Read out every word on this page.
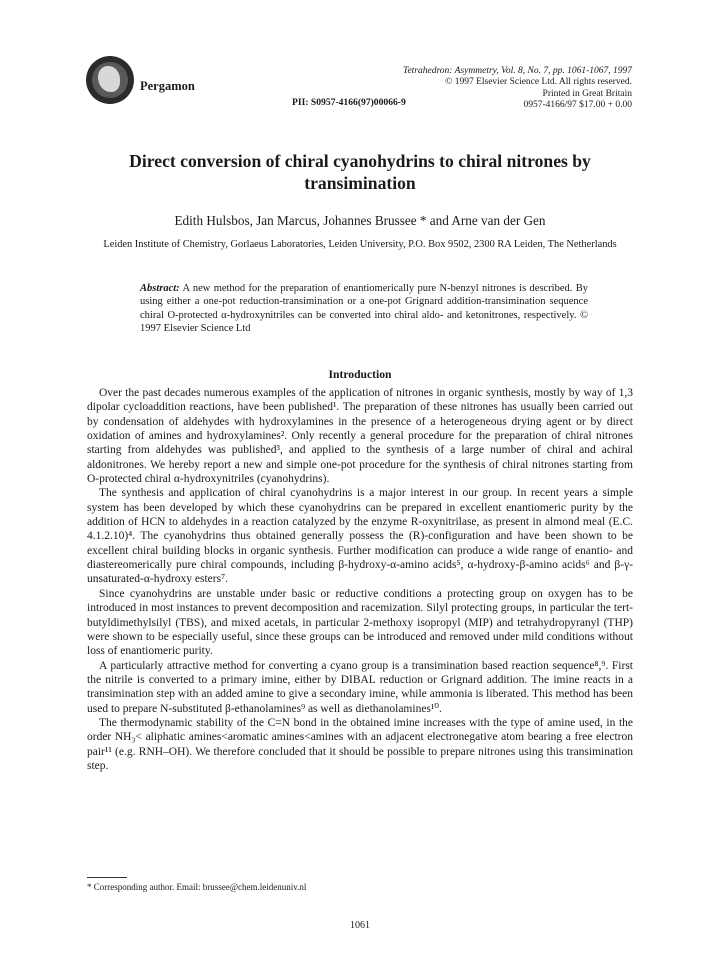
Pergamon
Tetrahedron: Asymmetry, Vol. 8, No. 7, pp. 1061-1067, 1997
© 1997 Elsevier Science Ltd. All rights reserved.
Printed in Great Britain
0957-4166/97 $17.00 + 0.00
PII: S0957-4166(97)00066-9
Direct conversion of chiral cyanohydrins to chiral nitrones by
transimination
Edith Hulsbos, Jan Marcus, Johannes Brussee * and Arne van der Gen
Leiden Institute of Chemistry, Gorlaeus Laboratories, Leiden University, P.O. Box 9502, 2300 RA Leiden, The Netherlands
Abstract: A new method for the preparation of enantiomerically pure N-benzyl nitrones is described. By using either a one-pot reduction-transimination or a one-pot Grignard addition-transimination sequence chiral O-protected α-hydroxynitriles can be converted into chiral aldo- and ketonitrones, respectively. © 1997 Elsevier Science Ltd
Introduction

Over the past decades numerous examples of the application of nitrones in organic synthesis, mostly by way of 1,3 dipolar cycloaddition reactions, have been published¹. The preparation of these nitrones has usually been carried out by condensation of aldehydes with hydroxylamines in the presence of a heterogeneous drying agent or by direct oxidation of amines and hydroxylamines². Only recently a general procedure for the preparation of chiral nitrones starting from aldehydes was published³, and applied to the synthesis of a large number of chiral and achiral aldonitrones. We hereby report a new and simple one-pot procedure for the synthesis of chiral nitrones starting from O-protected chiral α-hydroxynitriles (cyanohydrins).

The synthesis and application of chiral cyanohydrins is a major interest in our group. In recent years a simple system has been developed by which these cyanohydrins can be prepared in excellent enantiomeric purity by the addition of HCN to aldehydes in a reaction catalyzed by the enzyme R-oxynitrilase, as present in almond meal (E.C. 4.1.2.10)⁴. The cyanohydrins thus obtained generally possess the (R)-configuration and have been shown to be excellent chiral building blocks in organic synthesis. Further modification can produce a wide range of enantio- and diastereomerically pure chiral compounds, including β-hydroxy-α-amino acids⁵, α-hydroxy-β-amino acids⁶ and β-γ-unsaturated-α-hydroxy esters⁷.

Since cyanohydrins are unstable under basic or reductive conditions a protecting group on oxygen has to be introduced in most instances to prevent decomposition and racemization. Silyl protecting groups, in particular the tert-butyldimethylsilyl (TBS), and mixed acetals, in particular 2-methoxy isopropyl (MIP) and tetrahydropyranyl (THP) were shown to be especially useful, since these groups can be introduced and removed under mild conditions without loss of enantiomeric purity.

A particularly attractive method for converting a cyano group is a transimination based reaction sequence⁸,⁹. First the nitrile is converted to a primary imine, either by DIBAL reduction or Grignard addition. The imine reacts in a transimination step with an added amine to give a secondary imine, while ammonia is liberated. This method has been used to prepare N-substituted β-ethanolamines⁹ as well as diethanolamines¹⁰.

The thermodynamic stability of the C=N bond in the obtained imine increases with the type of amine used, in the order NH₃< aliphatic amines<aromatic amines<amines with an adjacent electronegative atom bearing a free electron pair¹¹ (e.g. RNH–OH). We therefore concluded that it should be possible to prepare nitrones using this transimination step.

* Corresponding author. Email: brussee@chem.leidenuniv.nl
1061
